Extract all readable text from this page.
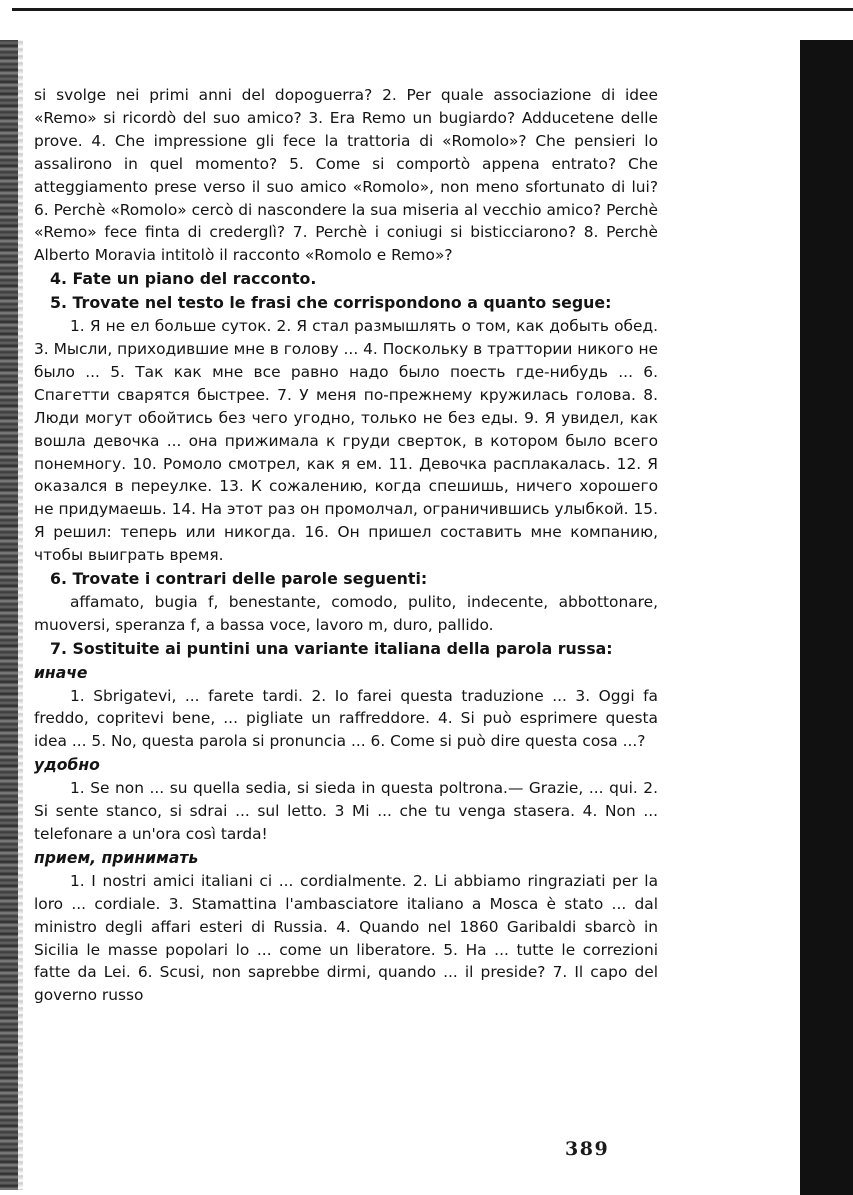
si svolge nei primi anni del dopoguerra? 2. Per quale associazione di idee «Remo» si ricordò del suo amico? 3. Era Remo un bugiardo? Adducetene delle prove. 4. Che impressione gli fece la trattoria di «Romolo»? Che pensieri lo assalirono in quel momento? 5. Come si comportò appena entrato? Che atteggiamento prese verso il suo amico «Romolo», non meno sfortunato di lui? 6. Perchè «Romolo» cercò di nascondere la sua miseria al vecchio amico? Perchè «Remo» fece finta di crederglì? 7. Perchè i coniugi si bisticciarono? 8. Perchè Alberto Moravia intitolò il racconto «Romolo e Remo»?

4. Fate un piano del racconto.

5. Trovate nel testo le frasi che corrispondono a quanto segue:

1. Я не ел больше суток. 2. Я стал размышлять о том, как добыть обед. 3. Мысли, приходившие мне в голову ... 4. Поскольку в траттории никого не было ... 5. Так как мне все равно надо было поесть где-нибудь ... 6. Спагетти сварятся быстрее. 7. У меня по-прежнему кружилась голова. 8. Люди могут обойтись без чего угодно, только не без еды. 9. Я увидел, как вошла девочка ... она прижимала к груди сверток, в котором было всего понемногу. 10. Ромоло смотрел, как я ем. 11. Девочка расплакалась. 12. Я оказался в переулке. 13. К сожалению, когда спешишь, ничего хорошего не придумаешь. 14. На этот раз он промолчал, ограничившись улыбкой. 15. Я решил: теперь или никогда. 16. Он пришел составить мне компанию, чтобы выиграть время.

6. Trovate i contrari delle parole seguenti:

affamato, bugia f, benestante, comodo, pulito, indecente, abbottonare, muoversi, speranza f, a bassa voce, lavoro m, duro, pallido.

7. Sostituite ai puntini una variante italiana della parola russa:

иначе

1. Sbrigatevi, ... farete tardi. 2. Io farei questa traduzione ... 3. Oggi fa freddo, copritevi bene, ... pigliate un raffreddore. 4. Si può esprimere questa idea ... 5. No, questa parola si pronuncia ... 6. Come si può dire questa cosa ...?

удобно

1. Se non ... su quella sedia, si sieda in questa poltrona.— Grazie, ... qui. 2. Si sente stanco, si sdrai ... sul letto. 3 Mi ... che tu venga stasera. 4. Non ... telefonare a un'ora così tarda!

прием, принимать

1. I nostri amici italiani ci ... cordialmente. 2. Li abbiamo ringraziati per la loro ... cordiale. 3. Stamattina l'ambasciatore italiano a Mosca è stato ... dal ministro degli affari esteri di Russia. 4. Quando nel 1860 Garibaldi sbarcò in Sicilia le masse popolari lo ... come un liberatore. 5. Ha ... tutte le correzioni fatte da Lei. 6. Scusi, non saprebbe dirmi, quando ... il preside? 7. Il capo del governo russo

389
